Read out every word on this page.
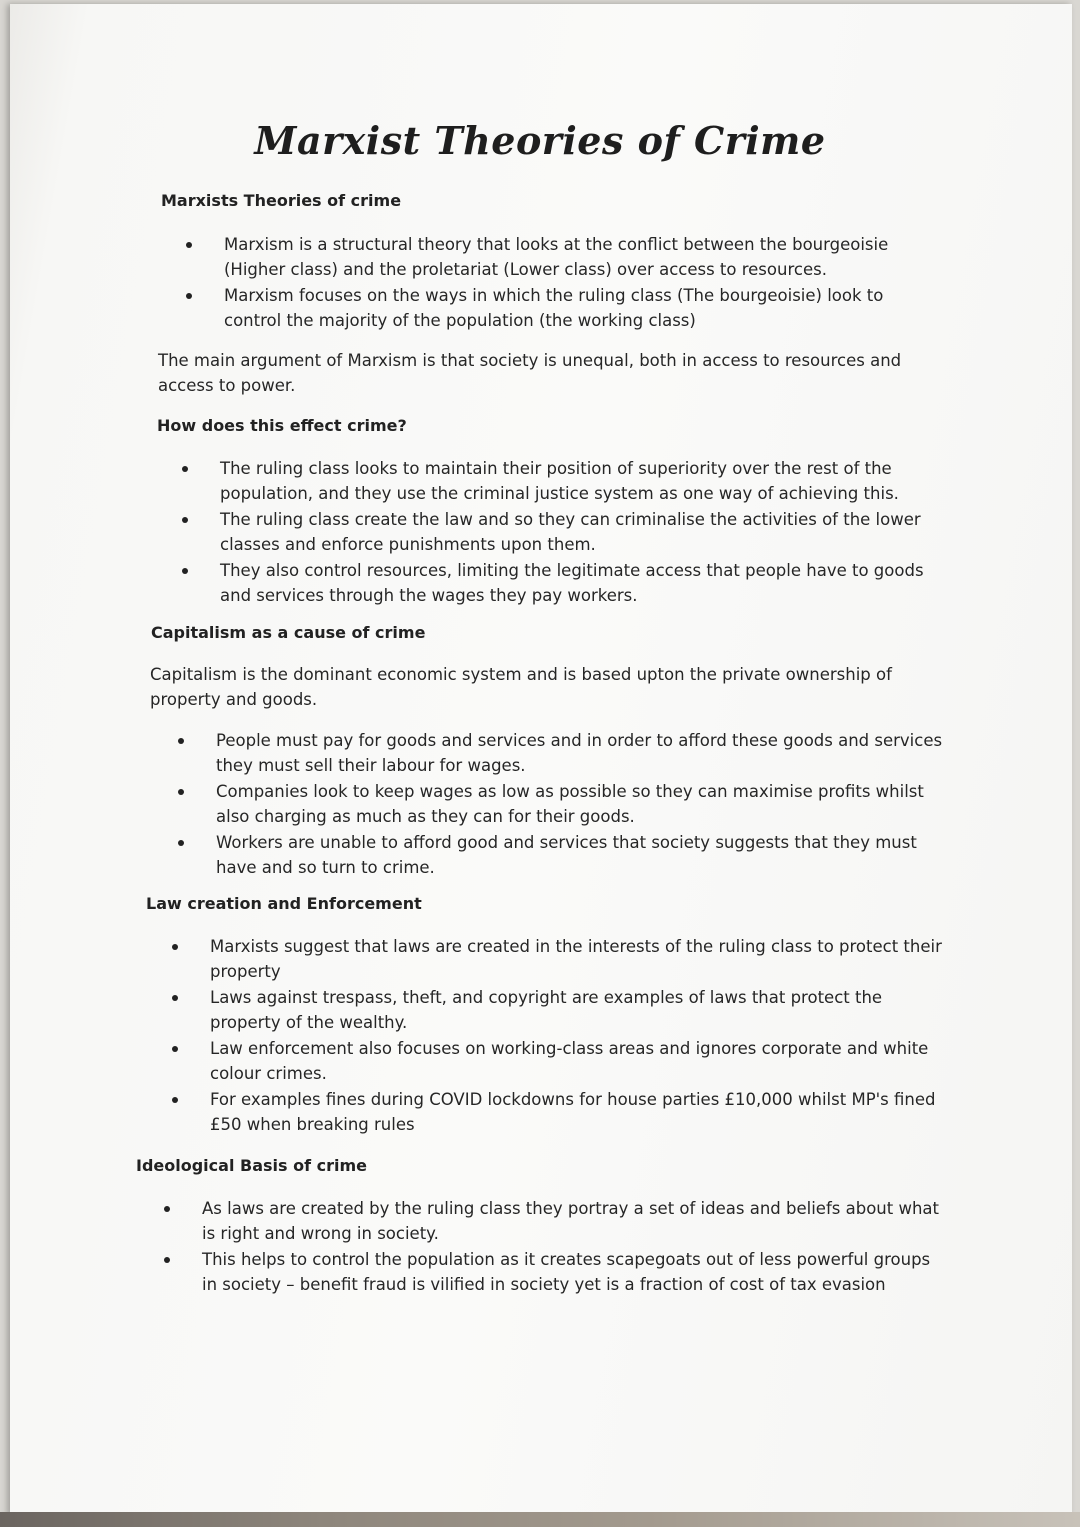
Marxist Theories of Crime

Marxists Theories of crime

Marxism is a structural theory that looks at the conflict between the bourgeoisie (Higher class) and the proletariat (Lower class) over access to resources.
Marxism focuses on the ways in which the ruling class (The bourgeoisie) look to control the majority of the population (the working class)

The main argument of Marxism is that society is unequal, both in access to resources and access to power.

How does this effect crime?

The ruling class looks to maintain their position of superiority over the rest of the population, and they use the criminal justice system as one way of achieving this.
The ruling class create the law and so they can criminalise the activities of the lower classes and enforce punishments upon them.
They also control resources, limiting the legitimate access that people have to goods and services through the wages they pay workers.

Capitalism as a cause of crime

Capitalism is the dominant economic system and is based upton the private ownership of property and goods.

People must pay for goods and services and in order to afford these goods and services they must sell their labour for wages.
Companies look to keep wages as low as possible so they can maximise profits whilst also charging as much as they can for their goods.
Workers are unable to afford good and services that society suggests that they must have and so turn to crime.

Law creation and Enforcement

Marxists suggest that laws are created in the interests of the ruling class to protect their property
Laws against trespass, theft, and copyright are examples of laws that protect the property of the wealthy.
Law enforcement also focuses on working-class areas and ignores corporate and white colour crimes.
For examples fines during COVID lockdowns for house parties £10,000 whilst MP's fined £50 when breaking rules

Ideological Basis of crime

As laws are created by the ruling class they portray a set of ideas and beliefs about what is right and wrong in society.
This helps to control the population as it creates scapegoats out of less powerful groups in society – benefit fraud is vilified in society yet is a fraction of cost of tax evasion
